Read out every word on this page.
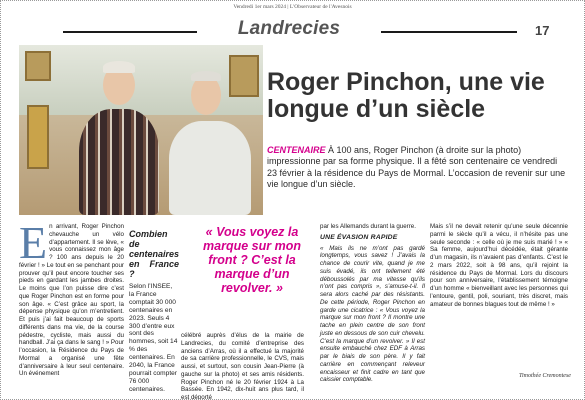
Vendredi 1er mars 2024 | L'Observateur de l'Avesnois
Landrecies	17
Roger Pinchon, une vie longue d’un siècle
CENTENAIRE À 100 ans, Roger Pinchon (à droite sur la photo) impressionne par sa forme physique. Il a fêté son centenaire ce vendredi 23 février à la résidence du Pays de Mormal. L’occasion de revenir sur une vie longue d’un siècle.
E n arrivant, Roger Pinchon chevauche un vélo d’appartement. Il se lève, « vous connaissez mon âge ? 100 ans depuis le 20 février ! » Le tout en se penchant pour prouver qu’il peut encore toucher ses pieds en gardant les jambes droites. Le moins que l’on puisse dire c’est que Roger Pinchon est en forme pour son âge. « C’est grâce au sport, la dépense physique qu’on m’entretient. Et puis j’ai fait beaucoup de sports différents dans ma vie, de la course pédestre, cycliste, mais aussi du handball. J’ai ça dans le sang ! » Pour l’occasion, la Résidence du Pays de Mormal a organisé une fête d’anniversaire à leur seul centenaire. Un événement
Combien de centenaires en France ?
Selon l’INSEE, la France comptait 30 000 centenaires en 2023. Seuls 4 300 d’entre eux sont des hommes, soit 14 % des centenaires. En 2040, la France pourrait compter 76 000 centenaires.
« Vous voyez la marque sur mon front ? C’est la marque d’un revolver. »
célébré auprès d’élus de la mairie de Landrecies, du comité d’entreprise des anciens d’Arras, où il a effectué la majorité de sa carrière professionnelle, le CVS, mais aussi, et surtout, son cousin Jean-Pierre (à gauche sur la photo) et ses amis résidents. Roger Pinchon né le 20 février 1924 à La Bassée. En 1942, dix-huit ans plus tard, il est déporté
par les Allemands durant la guerre.
UNE ÉVASION RAPIDE
« Mais ils ne m’ont pas gardé longtemps, vous savez ! J’avais la chance de courir vite, quand je me suis évadé, ils ont tellement été déboussolés par ma vitesse qu’ils n’ont pas compris », s’amuse-t-il. Il sera alors caché par des résistants. De cette période, Roger Pinchon en garde une cicatrice : « Vous voyez la marque sur mon front ? Il montre une tache en plein centre de son front juste en dessous de son cuir chevelu. C’est la marque d’un revolver. » Il est ensuite embauché chez EDF à Arras par le biais de son père. Il y fait carrière en commençant releveur encaisseur et finit cadre en tant que caissier comptable.
Mais s’il ne devait retenir qu’une seule décennie parmi le siècle qu’il a vécu, il n’hésite pas une seule seconde : « celle où je me suis marié ! » « Sa femme, aujourd’hui décédée, était gérante d’un magasin, ils n’avaient pas d’enfants. C’est le 2 mars 2022, soit à 98 ans, qu’il rejoint la résidence du Pays de Mormal. Lors du discours pour son anniversaire, l’établissement témoigne d’un homme « bienveillant avec les personnes qui l’entoure, gentil, poli, souriant, très discret, mais amateur de bonnes blagues tout de même ! »
Timothée Cremontese
